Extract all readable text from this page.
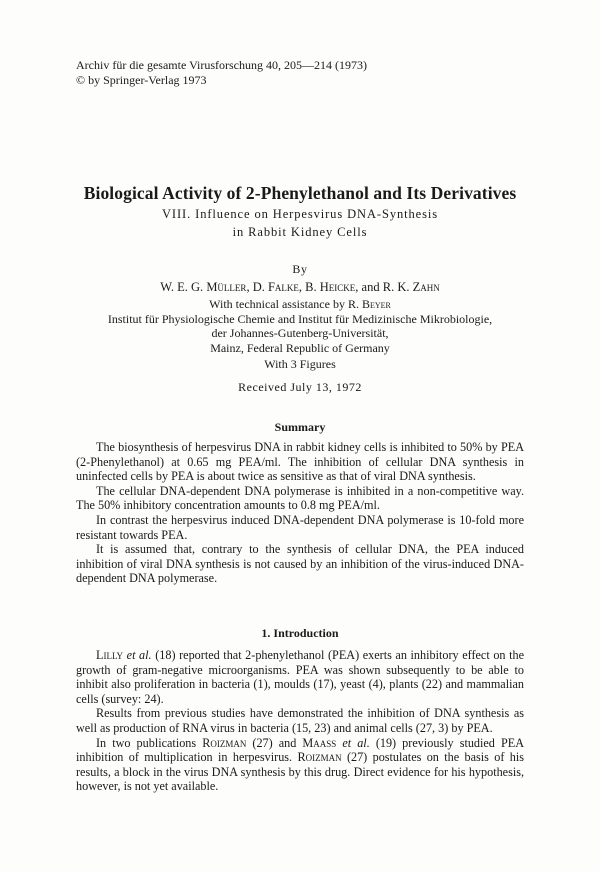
Archiv für die gesamte Virusforschung 40, 205—214 (1973)
© by Springer-Verlag 1973
Biological Activity of 2-Phenylethanol and Its Derivatives
VIII. Influence on Herpesvirus DNA-Synthesis
in Rabbit Kidney Cells
By
W. E. G. Müller, D. Falke, B. Heicke, and R. K. Zahn
With technical assistance by R. Beyer
Institut für Physiologische Chemie and Institut für Medizinische Mikrobiologie,
der Johannes-Gutenberg-Universität,
Mainz, Federal Republic of Germany
With 3 Figures
Received July 13, 1972
Summary

The biosynthesis of herpesvirus DNA in rabbit kidney cells is inhibited to 50% by PEA (2-Phenylethanol) at 0.65 mg PEA/ml. The inhibition of cellular DNA synthesis in uninfected cells by PEA is about twice as sensitive as that of viral DNA synthesis.

The cellular DNA-dependent DNA polymerase is inhibited in a non-competitive way. The 50% inhibitory concentration amounts to 0.8 mg PEA/ml.

In contrast the herpesvirus induced DNA-dependent DNA polymerase is 10-fold more resistant towards PEA.

It is assumed that, contrary to the synthesis of cellular DNA, the PEA induced inhibition of viral DNA synthesis is not caused by an inhibition of the virus-induced DNA-dependent DNA polymerase.

1. Introduction

Lilly et al. (18) reported that 2-phenylethanol (PEA) exerts an inhibitory effect on the growth of gram-negative microorganisms. PEA was shown subsequently to be able to inhibit also proliferation in bacteria (1), moulds (17), yeast (4), plants (22) and mammalian cells (survey: 24).

Results from previous studies have demonstrated the inhibition of DNA synthesis as well as production of RNA virus in bacteria (15, 23) and animal cells (27, 3) by PEA.

In two publications Roizman (27) and Maass et al. (19) previously studied PEA inhibition of multiplication in herpesvirus. Roizman (27) postulates on the basis of his results, a block in the virus DNA synthesis by this drug. Direct evidence for his hypothesis, however, is not yet available.
